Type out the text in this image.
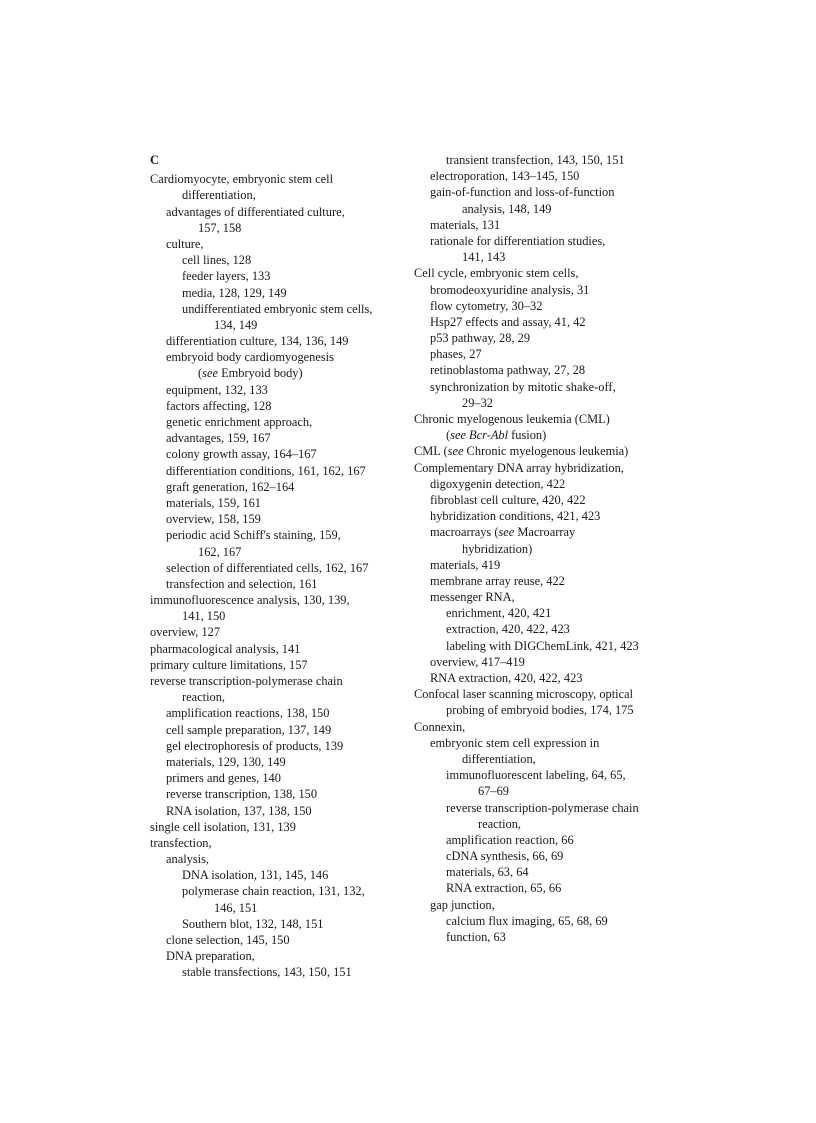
C
Cardiomyocyte, embryonic stem cell
differentiation,
advantages of differentiated culture,
157, 158
culture,
cell lines, 128
feeder layers, 133
media, 128, 129, 149
undifferentiated embryonic stem cells,
134, 149
differentiation culture, 134, 136, 149
embryoid body cardiomyogenesis
(see Embryoid body)
equipment, 132, 133
factors affecting, 128
genetic enrichment approach,
advantages, 159, 167
colony growth assay, 164–167
differentiation conditions, 161, 162, 167
graft generation, 162–164
materials, 159, 161
overview, 158, 159
periodic acid Schiff's staining, 159,
162, 167
selection of differentiated cells, 162, 167
transfection and selection, 161
immunofluorescence analysis, 130, 139,
141, 150
overview, 127
pharmacological analysis, 141
primary culture limitations, 157
reverse transcription-polymerase chain
reaction,
amplification reactions, 138, 150
cell sample preparation, 137, 149
gel electrophoresis of products, 139
materials, 129, 130, 149
primers and genes, 140
reverse transcription, 138, 150
RNA isolation, 137, 138, 150
single cell isolation, 131, 139
transfection,
analysis,
DNA isolation, 131, 145, 146
polymerase chain reaction, 131, 132,
146, 151
Southern blot, 132, 148, 151
clone selection, 145, 150
DNA preparation,
stable transfections, 143, 150, 151
transient transfection, 143, 150, 151
electroporation, 143–145, 150
gain-of-function and loss-of-function
analysis, 148, 149
materials, 131
rationale for differentiation studies,
141, 143
Cell cycle, embryonic stem cells,
bromodeoxyuridine analysis, 31
flow cytometry, 30–32
Hsp27 effects and assay, 41, 42
p53 pathway, 28, 29
phases, 27
retinoblastoma pathway, 27, 28
synchronization by mitotic shake-off,
29–32
Chronic myelogenous leukemia (CML)
(see Bcr-Abl fusion)
CML (see Chronic myelogenous leukemia)
Complementary DNA array hybridization,
digoxygenin detection, 422
fibroblast cell culture, 420, 422
hybridization conditions, 421, 423
macroarrays (see Macroarray
hybridization)
materials, 419
membrane array reuse, 422
messenger RNA,
enrichment, 420, 421
extraction, 420, 422, 423
labeling with DIGChemLink, 421, 423
overview, 417–419
RNA extraction, 420, 422, 423
Confocal laser scanning microscopy, optical
probing of embryoid bodies, 174, 175
Connexin,
embryonic stem cell expression in
differentiation,
immunofluorescent labeling, 64, 65,
67–69
reverse transcription-polymerase chain
reaction,
amplification reaction, 66
cDNA synthesis, 66, 69
materials, 63, 64
RNA extraction, 65, 66
gap junction,
calcium flux imaging, 65, 68, 69
function, 63
